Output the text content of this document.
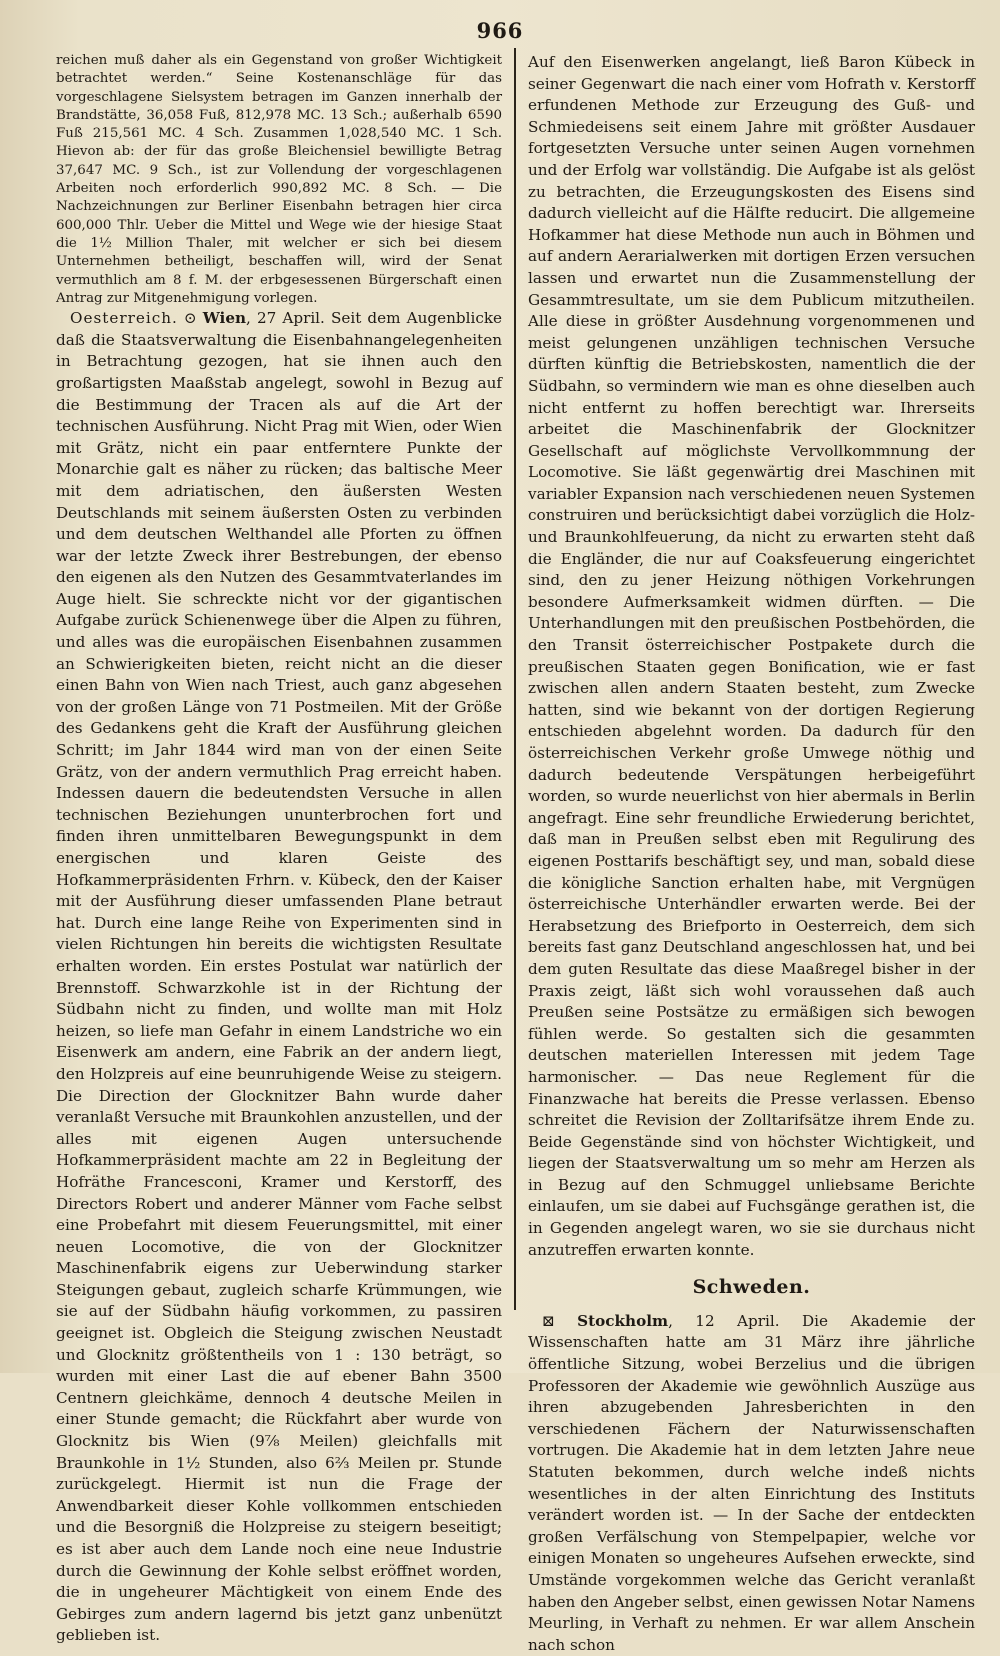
966

reichen muß daher als ein Gegenstand von großer Wichtigkeit betrachtet werden.“ Seine Kostenanschläge für das vorgeschlagene Sielsystem betragen im Ganzen innerhalb der Brandstätte, 36,058 Fuß, 812,978 MC. 13 Sch.; außerhalb 6590 Fuß 215,561 MC. 4 Sch. Zusammen 1,028,540 MC. 1 Sch. Hievon ab: der für das große Bleichensiel bewilligte Betrag 37,647 MC. 9 Sch., ist zur Vollendung der vorgeschlagenen Arbeiten noch erforderlich 990,892 MC. 8 Sch. — Die Nachzeichnungen zur Berliner Eisenbahn betragen hier circa 600,000 Thlr. Ueber die Mittel und Wege wie der hiesige Staat die 1½ Million Thaler, mit welcher er sich bei diesem Unternehmen betheiligt, beschaffen will, wird der Senat vermuthlich am 8 f. M. der erbgesessenen Bürgerschaft einen Antrag zur Mitgenehmigung vorlegen.

Oesterreich. ⊙ Wien, 27 April. Seit dem Augenblicke daß die Staatsverwaltung die Eisenbahnangelegenheiten in Betrachtung gezogen, hat sie ihnen auch den großartigsten Maaßstab angelegt, sowohl in Bezug auf die Bestimmung der Tracen als auf die Art der technischen Ausführung. Nicht Prag mit Wien, oder Wien mit Grätz, nicht ein paar entferntere Punkte der Monarchie galt es näher zu rücken; das baltische Meer mit dem adriatischen, den äußersten Westen Deutschlands mit seinem äußersten Osten zu verbinden und dem deutschen Welthandel alle Pforten zu öffnen war der letzte Zweck ihrer Bestrebungen, der ebenso den eigenen als den Nutzen des Gesammtvaterlandes im Auge hielt. Sie schreckte nicht vor der gigantischen Aufgabe zurück Schienenwege über die Alpen zu führen, und alles was die europäischen Eisenbahnen zusammen an Schwierigkeiten bieten, reicht nicht an die dieser einen Bahn von Wien nach Triest, auch ganz abgesehen von der großen Länge von 71 Postmeilen. Mit der Größe des Gedankens geht die Kraft der Ausführung gleichen Schritt; im Jahr 1844 wird man von der einen Seite Grätz, von der andern vermuthlich Prag erreicht haben. Indessen dauern die bedeutendsten Versuche in allen technischen Beziehungen ununterbrochen fort und finden ihren unmittelbaren Bewegungspunkt in dem energischen und klaren Geiste des Hofkammerpräsidenten Frhrn. v. Kübeck, den der Kaiser mit der Ausführung dieser umfassenden Plane betraut hat. Durch eine lange Reihe von Experimenten sind in vielen Richtungen hin bereits die wichtigsten Resultate erhalten worden. Ein erstes Postulat war natürlich der Brennstoff. Schwarzkohle ist in der Richtung der Südbahn nicht zu finden, und wollte man mit Holz heizen, so liefe man Gefahr in einem Landstriche wo ein Eisenwerk am andern, eine Fabrik an der andern liegt, den Holzpreis auf eine beunruhigende Weise zu steigern. Die Direction der Glocknitzer Bahn wurde daher veranlaßt Versuche mit Braunkohlen anzustellen, und der alles mit eigenen Augen untersuchende Hofkammerpräsident machte am 22 in Begleitung der Hofräthe Francesconi, Kramer und Kerstorff, des Directors Robert und anderer Männer vom Fache selbst eine Probefahrt mit diesem Feuerungsmittel, mit einer neuen Locomotive, die von der Glocknitzer Maschinenfabrik eigens zur Ueberwindung starker Steigungen gebaut, zugleich scharfe Krümmungen, wie sie auf der Südbahn häufig vorkommen, zu passiren geeignet ist. Obgleich die Steigung zwischen Neustadt und Glocknitz größtentheils von 1 : 130 beträgt, so wurden mit einer Last die auf ebener Bahn 3500 Centnern gleichkäme, dennoch 4 deutsche Meilen in einer Stunde gemacht; die Rückfahrt aber wurde von Glocknitz bis Wien (9⅞ Meilen) gleichfalls mit Braunkohle in 1½ Stunden, also 6⅔ Meilen pr. Stunde zurückgelegt. Hiermit ist nun die Frage der Anwendbarkeit dieser Kohle vollkommen entschieden und die Besorgniß die Holzpreise zu steigern beseitigt; es ist aber auch dem Lande noch eine neue Industrie durch die Gewinnung der Kohle selbst eröffnet worden, die in ungeheurer Mächtigkeit von einem Ende des Gebirges zum andern lagernd bis jetzt ganz unbenützt geblieben ist.

Auf den Eisenwerken angelangt, ließ Baron Kübeck in seiner Gegenwart die nach einer vom Hofrath v. Kerstorff erfundenen Methode zur Erzeugung des Guß- und Schmiedeisens seit einem Jahre mit größter Ausdauer fortgesetzten Versuche unter seinen Augen vornehmen und der Erfolg war vollständig. Die Aufgabe ist als gelöst zu betrachten, die Erzeugungskosten des Eisens sind dadurch vielleicht auf die Hälfte reducirt. Die allgemeine Hofkammer hat diese Methode nun auch in Böhmen und auf andern Aerarialwerken mit dortigen Erzen versuchen lassen und erwartet nun die Zusammenstellung der Gesammtresultate, um sie dem Publicum mitzutheilen. Alle diese in größter Ausdehnung vorgenommenen und meist gelungenen unzähligen technischen Versuche dürften künftig die Betriebskosten, namentlich die der Südbahn, so vermindern wie man es ohne dieselben auch nicht entfernt zu hoffen berechtigt war. Ihrerseits arbeitet die Maschinenfabrik der Glocknitzer Gesellschaft auf möglichste Vervollkommnung der Locomotive. Sie läßt gegenwärtig drei Maschinen mit variabler Expansion nach verschiedenen neuen Systemen construiren und berücksichtigt dabei vorzüglich die Holz- und Braunkohlfeuerung, da nicht zu erwarten steht daß die Engländer, die nur auf Coaksfeuerung eingerichtet sind, den zu jener Heizung nöthigen Vorkehrungen besondere Aufmerksamkeit widmen dürften. — Die Unterhandlungen mit den preußischen Postbehörden, die den Transit österreichischer Postpakete durch die preußischen Staaten gegen Bonification, wie er fast zwischen allen andern Staaten besteht, zum Zwecke hatten, sind wie bekannt von der dortigen Regierung entschieden abgelehnt worden. Da dadurch für den österreichischen Verkehr große Umwege nöthig und dadurch bedeutende Verspätungen herbeigeführt worden, so wurde neuerlichst von hier abermals in Berlin angefragt. Eine sehr freundliche Erwiederung berichtet, daß man in Preußen selbst eben mit Regulirung des eigenen Posttarifs beschäftigt sey, und man, sobald diese die königliche Sanction erhalten habe, mit Vergnügen österreichische Unterhändler erwarten werde. Bei der Herabsetzung des Briefporto in Oesterreich, dem sich bereits fast ganz Deutschland angeschlossen hat, und bei dem guten Resultate das diese Maaßregel bisher in der Praxis zeigt, läßt sich wohl voraussehen daß auch Preußen seine Postsätze zu ermäßigen sich bewogen fühlen werde. So gestalten sich die gesammten deutschen materiellen Interessen mit jedem Tage harmonischer. — Das neue Reglement für die Finanzwache hat bereits die Presse verlassen. Ebenso schreitet die Revision der Zolltarifsätze ihrem Ende zu. Beide Gegenstände sind von höchster Wichtigkeit, und liegen der Staatsverwaltung um so mehr am Herzen als in Bezug auf den Schmuggel unliebsame Berichte einlaufen, um sie dabei auf Fuchsgänge gerathen ist, die in Gegenden angelegt waren, wo sie sie durchaus nicht anzutreffen erwarten konnte.

Schweden.

⊠ Stockholm, 12 April. Die Akademie der Wissenschaften hatte am 31 März ihre jährliche öffentliche Sitzung, wobei Berzelius und die übrigen Professoren der Akademie wie gewöhnlich Auszüge aus ihren abzugebenden Jahresberichten in den verschiedenen Fächern der Naturwissenschaften vortrugen. Die Akademie hat in dem letzten Jahre neue Statuten bekommen, durch welche indeß nichts wesentliches in der alten Einrichtung des Instituts verändert worden ist. — In der Sache der entdeckten großen Verfälschung von Stempelpapier, welche vor einigen Monaten so ungeheures Aufsehen erweckte, sind Umstände vorgekommen welche das Gericht veranlaßt haben den Angeber selbst, einen gewissen Notar Namens Meurling, in Verhaft zu nehmen. Er war allem Anschein nach schon
